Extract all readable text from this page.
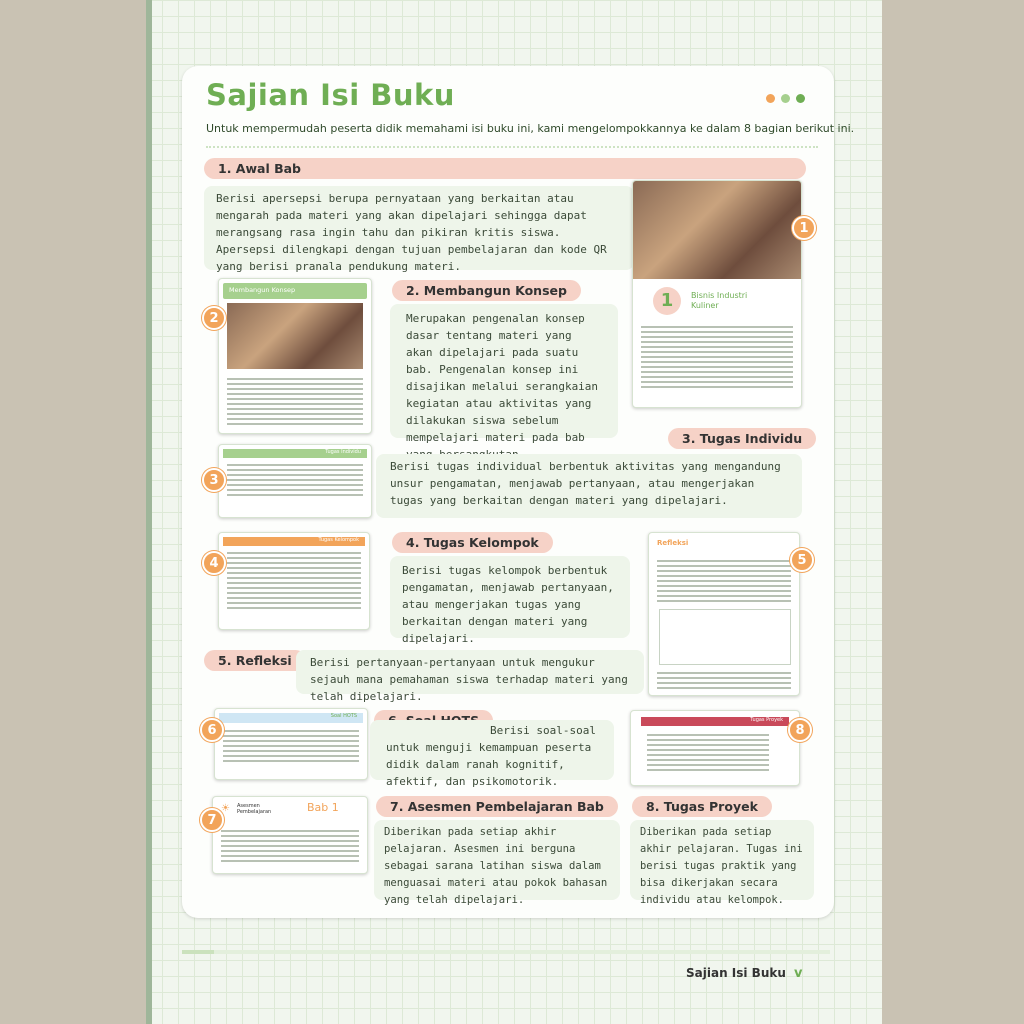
Sajian Isi Buku
Untuk mempermudah peserta didik memahami isi buku ini, kami mengelompokkannya ke dalam 8 bagian berikut ini.
1. Awal Bab
Berisi apersepsi berupa pernyataan yang berkaitan atau mengarah pada materi yang akan dipelajari sehingga dapat merangsang rasa ingin tahu dan pikiran kritis siswa. Apersepsi dilengkapi dengan tujuan pembelajaran dan kode QR yang berisi pranala pendukung materi.
1	Bisnis Industri Kuliner
1
Membangun Konsep
2
2. Membangun Konsep
Merupakan pengenalan konsep dasar tentang materi yang akan dipelajari pada suatu bab. Pengenalan konsep ini disajikan melalui serangkaian kegiatan atau aktivitas yang dilakukan siswa sebelum mempelajari materi pada bab	3. Tugas Individu
Berisi tugas individual berbentuk aktivitas yang mengandung unsur pengamatan, menjawab pertanyaan, atau mengerjakan tugas yang berkaitan dengan materi yang dipelajari.
Tugas Individu
3
Tugas Kelompok
4
4. Tugas Kelompok
Berisi tugas kelompok berbentuk pengamatan, menjawab pertanyaan, atau mengerjakan tugas yang berkaitan dengan materi yang dipelajari.
Refleksi
5
5. Refleksi	Berisi pertanyaan-pertanyaan untuk mengukur sejauh mana pemahaman siswa terhadap materi yang telah dipelajari.
Soal HOTS
6	Berisi soal-soal untuk menguji kemampuan peserta didik dalam ranah kognitif, afektif, dan psikomotorik.
Tugas Proyek
8
☀ Asesmen Pembelajaran	Bab 1
7
7. Asesmen Pembelajaran Bab
Diberikan pada setiap akhir pelajaran. Asesmen ini berguna sebagai sarana latihan siswa dalam menguasai materi atau pokok bahasan yang telah dipelajari.
8. Tugas Proyek
Diberikan pada setiap akhir pelajaran. Tugas ini berisi tugas praktik yang bisa dikerjakan secara individu atau kelompok.
Sajian Isi Buku v
